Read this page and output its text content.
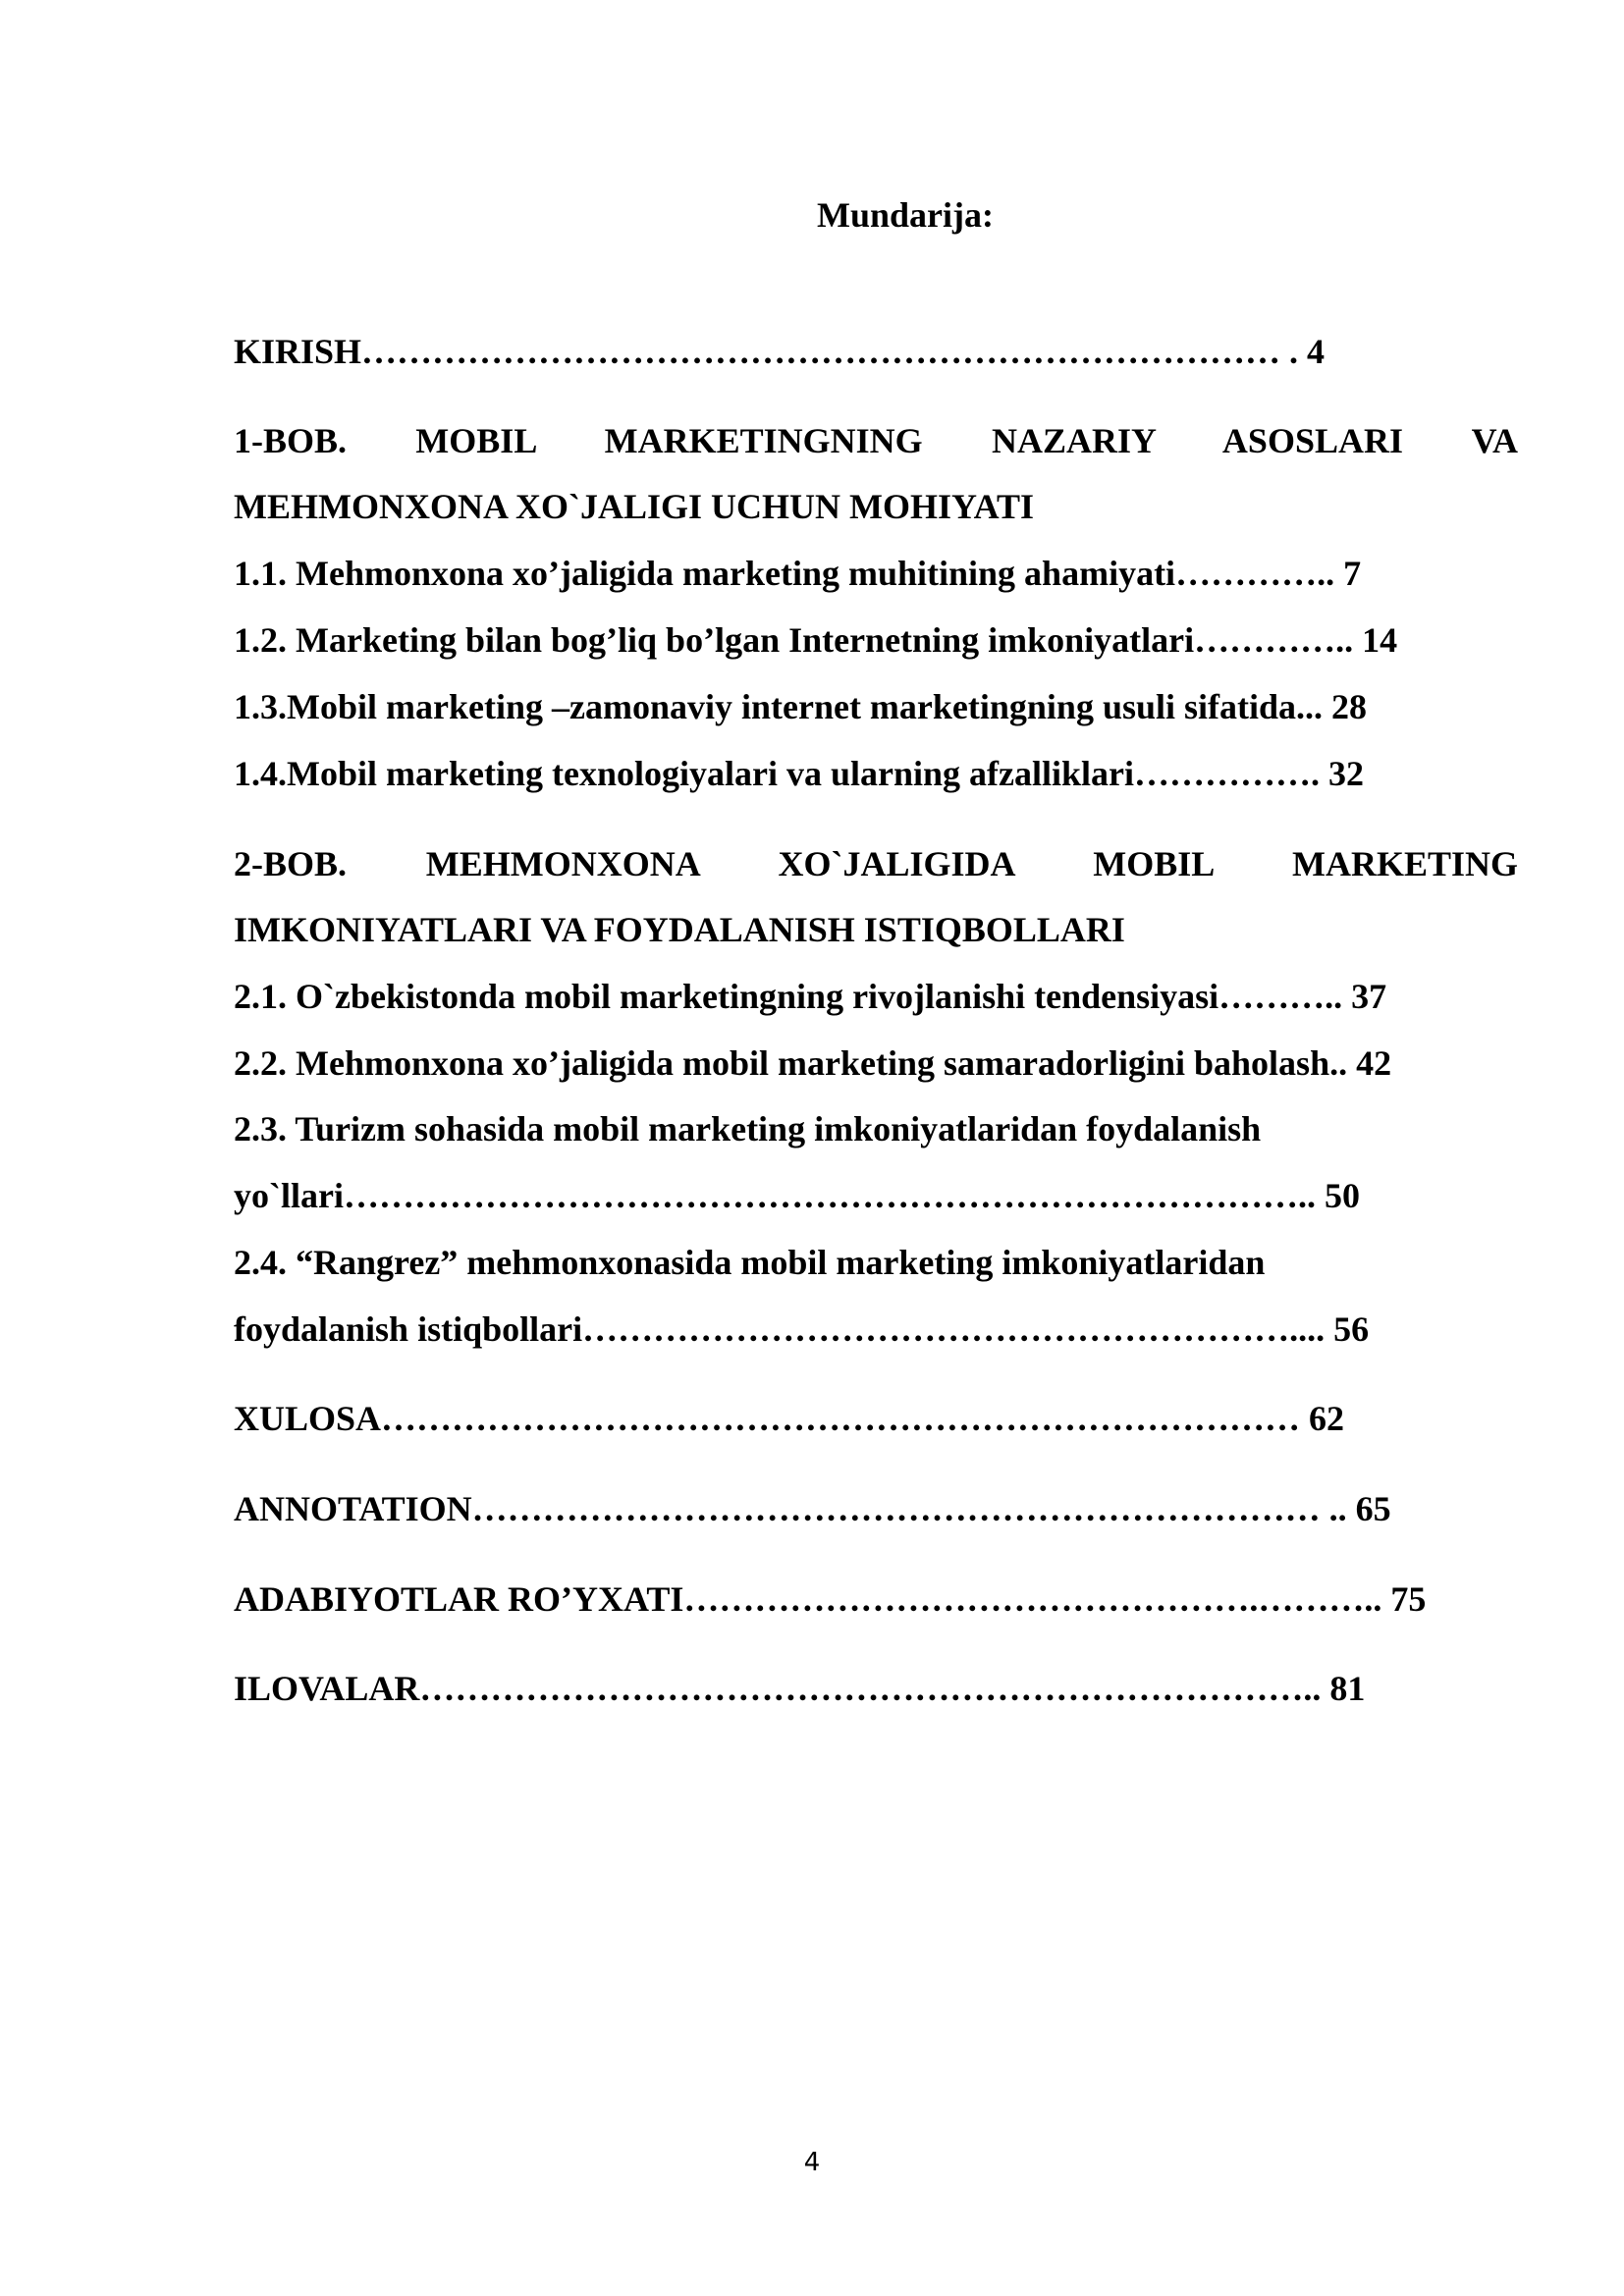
Mundarija:
KIRISH…………………………………………………………………… . 4
1-BOB. MOBIL MARKETINGNING NAZARIY ASOSLARI VA
MEHMONXONA XO`JALIGI UCHUN MOHIYATI
1.1. Mehmonxona xo’jaligida marketing muhitining ahamiyati………….. 7
1.2. Marketing bilan bog’liq bo’lgan Internetning imkoniyatlari………….. 14
1.3.Mobil marketing –zamonaviy internet marketingning usuli sifatida... 28
1.4.Mobil marketing texnologiyalari va ularning afzalliklari……………. 32
2-BOB. MEHMONXONA XO`JALIGIDA MOBIL MARKETING
IMKONIYATLARI VA FOYDALANISH ISTIQBOLLARI
2.1. O`zbekistonda mobil marketingning rivojlanishi tendensiyasi……….. 37
2.2. Mehmonxona xo’jaligida mobil marketing samaradorligini baholash.. 42
2.3. Turizm sohasida mobil marketing imkoniyatlaridan foydalanish
yo`llari……………………………………………………………………….. 50
2.4. “Rangrez” mehmonxonasida mobil marketing imkoniyatlaridan
foydalanish istiqbollari…………………………………………………….... 56
XULOSA…………………………………………………………………… 62
ANNOTATION……………………………………………………………… .. 65
ADABIYOTLAR RO’YXATI………………………………………….……….. 75
ILOVALAR………………………………………………………………….. 81
4
